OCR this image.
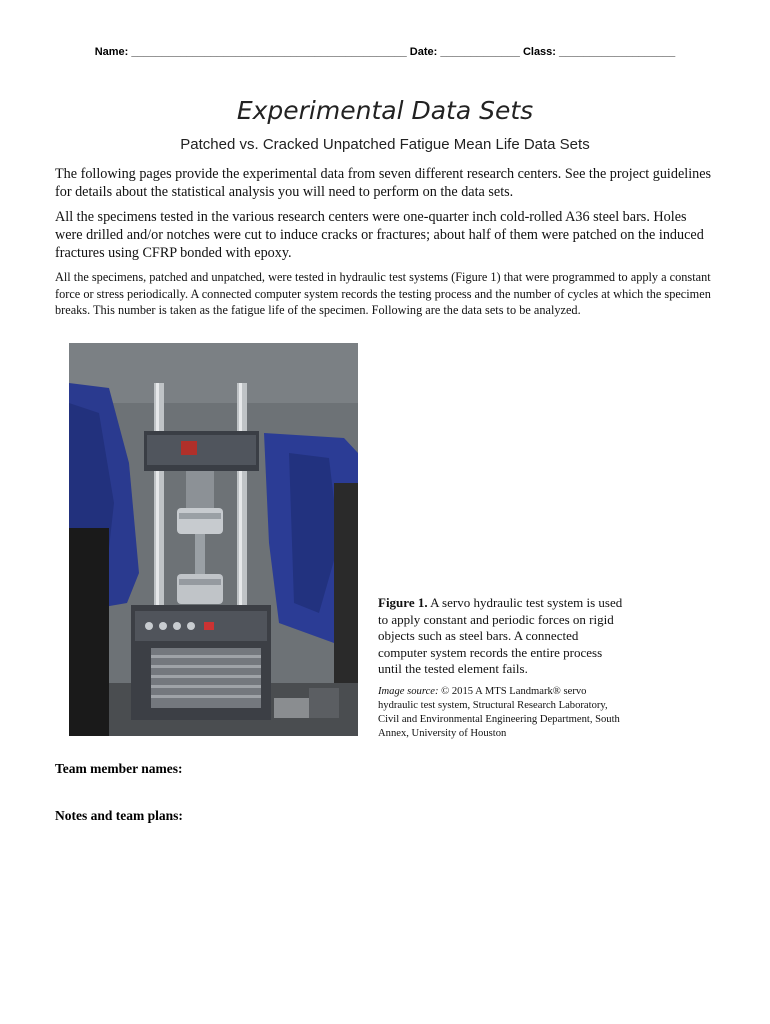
Name: _____________________________________________ Date: _____________ Class: ___________________
Experimental Data Sets
Patched vs. Cracked Unpatched Fatigue Mean Life Data Sets
The following pages provide the experimental data from seven different research centers. See the project guidelines for details about the statistical analysis you will need to perform on the data sets.
All the specimens tested in the various research centers were one-quarter inch cold-rolled A36 steel bars. Holes were drilled and/or notches were cut to induce cracks or fractures; about half of them were patched on the induced fractures using CFRP bonded with epoxy.
All the specimens, patched and unpatched, were tested in hydraulic test systems (Figure 1) that were programmed to apply a constant force or stress periodically. A connected computer system records the testing process and the number of cycles at which the specimen breaks. This number is taken as the fatigue life of the specimen. Following are the data sets to be analyzed.
Figure 1. A servo hydraulic test system is used to apply constant and periodic forces on rigid objects such as steel bars. A connected computer system records the entire process until the tested element fails.
Image source: © 2015 A MTS Landmark® servo hydraulic test system, Structural Research Laboratory, Civil and Environmental Engineering Department, South Annex, University of Houston
Team member names:
Notes and team plans:
